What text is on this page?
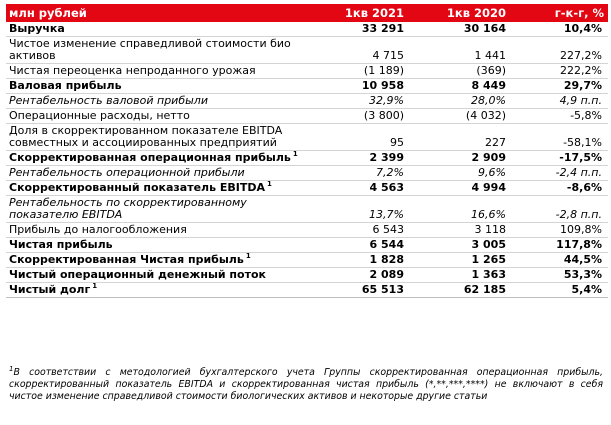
млн рублей	1кв 2021	1кв 2020	г-к-г, %
Выручка	33 291	30 164	10,4%
Чистое изменение справедливой стоимости био активов	4 715	1 441	227,2%
Чистая переоценка непроданного урожая	(1 189)	(369)	222,2%
Валовая прибыль	10 958	8 449	29,7%
Рентабельность валовой прибыли	32,9%	28,0%	4,9 п.п.
Операционные расходы, нетто	(3 800)	(4 032)	-5,8%
Доля в скорректированном показателе EBITDA совместных и ассоциированных предприятий	95	227	-58,1%
Скорректированная операционная прибыль $^1$	2 399	2 909	-17,5%
Рентабельность операционной прибыли	7,2%	9,6%	-2,4 п.п.
Скорректированный показатель EBITDA $^1$	4 563	4 994	-8,6%
Рентабельность по скорректированному показателю EBITDA	13,7%	16,6%	-2,8 п.п.
Прибыль до налогообложения	6 543	3 118	109,8%
Чистая прибыль	6 544	3 005	117,8%
Скорректированная Чистая прибыль $^1$	1 828	1 265	44,5%
Чистый операционный денежный поток	2 089	1 363	53,3%
Чистый долг $^1$	65 513	62 185	5,4%
$^1$В соответствии с методологией бухгалтерского учета Группы скорректированная операционная прибыль, скорректированный показатель EBITDA и скорректированная чистая прибыль (*,**,***,****) не включают в себя чистое изменение справедливой стоимости биологических активов и некоторые другие статьи
